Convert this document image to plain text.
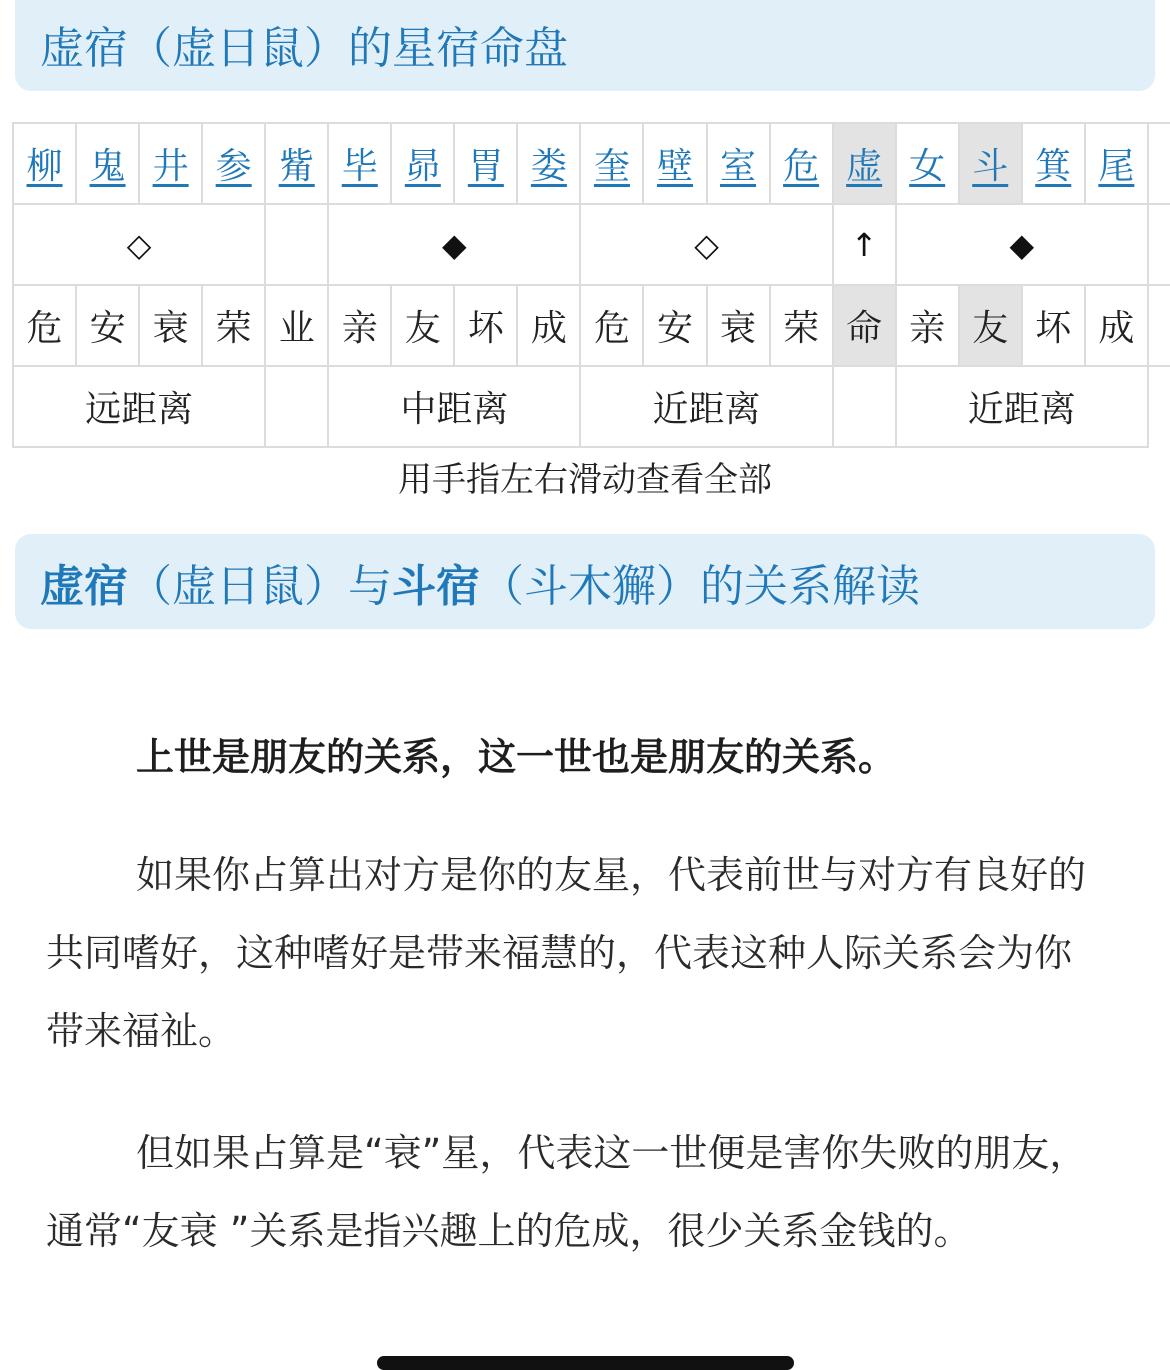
虚宿（虚日鼠）的星宿命盘
柳	鬼	井	参	觜	毕	昴	胃	娄	奎	壁	室	危	虚	女	斗	箕	尾	
◇					◆				◇				↑	◆				
危	安	衰	荣	业	亲	友	坏	成	危	安	衰	荣	命	亲	友	坏	成	
远距离					中距离				近距离					近距离				
用手指左右滑动查看全部
虚宿 （虚日鼠）与 斗宿 （斗木獬）的关系解读
上世是朋友的关系，这一世也是朋友的关系。
如果你占算出对方是你的友星，代表前世与对方有良好的共同嗜好，这种嗜好是带来福慧的，代表这种人际关系会为你带来福祉。
但如果占算是“衰”星，代表这一世便是害你失败的朋友，通常“友衰 ”关系是指兴趣上的危成，很少关系金钱的。
